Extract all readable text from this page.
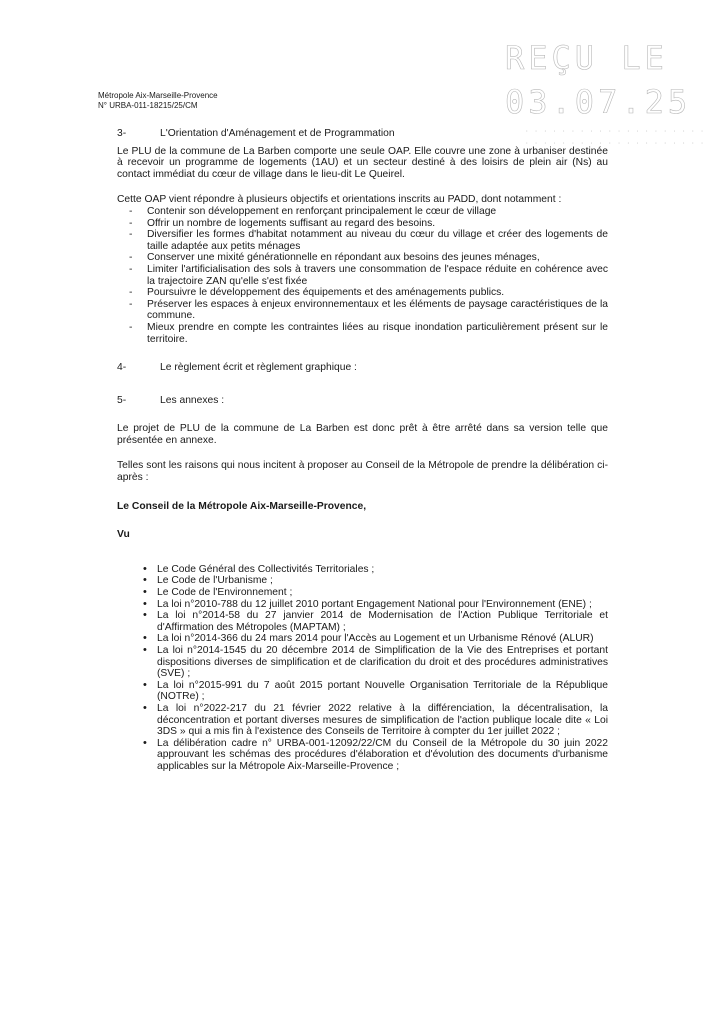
Métropole Aix-Marseille-Provence
N° URBA-011-18215/25/CM
REÇU LE
03.07.25
· · · · · · · · · · · · · · · · · · · ·
· · · · · · · · · · · · · · · · · · · ·
3-	L'Orientation d'Aménagement et de Programmation

Le PLU de la commune de La Barben comporte une seule OAP. Elle couvre une zone à urbaniser destinée à recevoir un programme de logements (1AU) et un secteur destiné à des loisirs de plein air (Ns) au contact immédiat du cœur de village dans le lieu-dit Le Queirel.

Cette OAP vient répondre à plusieurs objectifs et orientations inscrits au PADD, dont notamment :

- Contenir son développement en renforçant principalement le cœur de village
- Offrir un nombre de logements suffisant au regard des besoins.
- Diversifier les formes d'habitat notamment au niveau du cœur du village et créer des logements de taille adaptée aux petits ménages
- Conserver une mixité générationnelle en répondant aux besoins des jeunes ménages,
- Limiter l'artificialisation des sols à travers une consommation de l'espace réduite en cohérence avec la trajectoire ZAN qu'elle s'est fixée
- Poursuivre le développement des équipements et des aménagements publics.
- Préserver les espaces à enjeux environnementaux et les éléments de paysage caractéristiques de la commune.
- Mieux prendre en compte les contraintes liées au risque inondation particulièrement présent sur le territoire.
4-	Le règlement écrit et règlement graphique :
5-	Les annexes :

Le projet de PLU de la commune de La Barben est donc prêt à être arrêté dans sa version telle que présentée en annexe.

Telles sont les raisons qui nous incitent à proposer au Conseil de la Métropole de prendre la délibération ci-après :

Le Conseil de la Métropole Aix-Marseille-Provence,

Vu

• Le Code Général des Collectivités Territoriales ;
• Le Code de l'Urbanisme ;
• Le Code de l'Environnement ;
• La loi n°2010-788 du 12 juillet 2010 portant Engagement National pour l'Environnement (ENE) ;
• La loi n°2014-58 du 27 janvier 2014 de Modernisation de l'Action Publique Territoriale et d'Affirmation des Métropoles (MAPTAM) ;
• La loi n°2014-366 du 24 mars 2014 pour l'Accès au Logement et un Urbanisme Rénové (ALUR)
• La loi n°2014-1545 du 20 décembre 2014 de Simplification de la Vie des Entreprises et portant dispositions diverses de simplification et de clarification du droit et des procédures administratives (SVE) ;
• La loi n°2015-991 du 7 août 2015 portant Nouvelle Organisation Territoriale de la République (NOTRe) ;
• La loi n°2022-217 du 21 février 2022 relative à la différenciation, la décentralisation, la déconcentration et portant diverses mesures de simplification de l'action publique locale dite « Loi 3DS » qui a mis fin à l'existence des Conseils de Territoire à compter du 1er juillet 2022 ;
• La délibération cadre n° URBA-001-12092/22/CM du Conseil de la Métropole du 30 juin 2022 approuvant les schémas des procédures d'élaboration et d'évolution des documents d'urbanisme applicables sur la Métropole Aix-Marseille-Provence ;
